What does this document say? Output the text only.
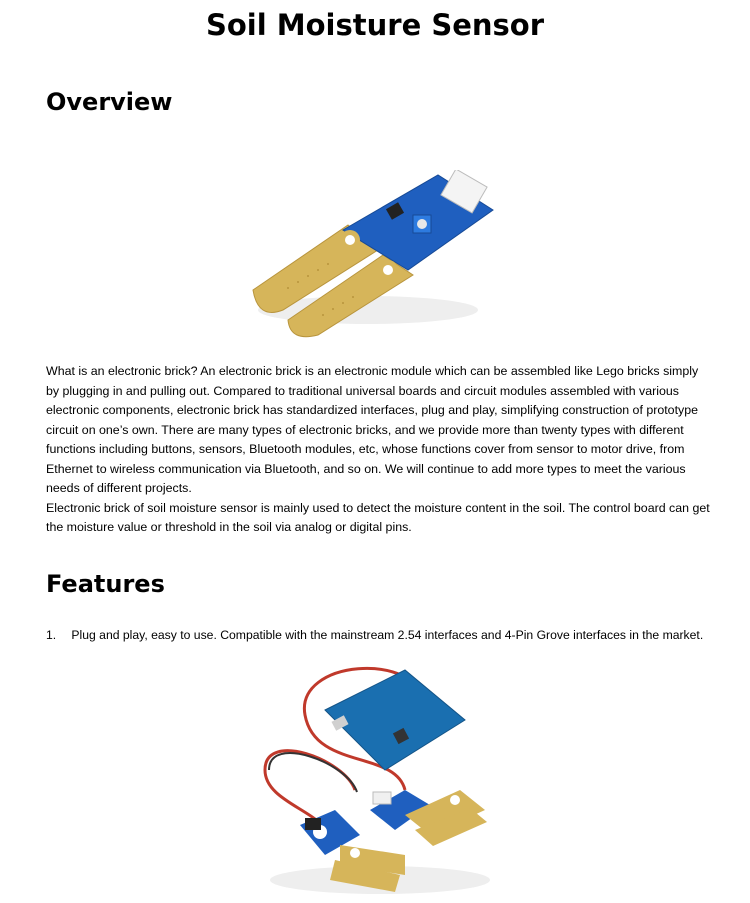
Soil Moisture Sensor
Overview

What is an electronic brick? An electronic brick is an electronic module which can be assembled like Lego bricks simply by plugging in and pulling out. Compared to traditional universal boards and circuit modules assembled with various electronic components, electronic brick has standardized interfaces, plug and play, simplifying construction of prototype circuit on one’s own. There are many types of electronic bricks, and we provide more than twenty types with different functions including buttons, sensors, Bluetooth modules, etc, whose functions cover from sensor to motor drive, from Ethernet to wireless communication via Bluetooth, and so on. We will continue to add more types to meet the various needs of different projects.

Electronic brick of soil moisture sensor is mainly used to detect the moisture content in the soil. The control board can get the moisture value or threshold in the soil via analog or digital pins.

Features
1. Plug and play, easy to use. Compatible with the mainstream 2.54 interfaces and 4-Pin Grove interfaces in the market.
